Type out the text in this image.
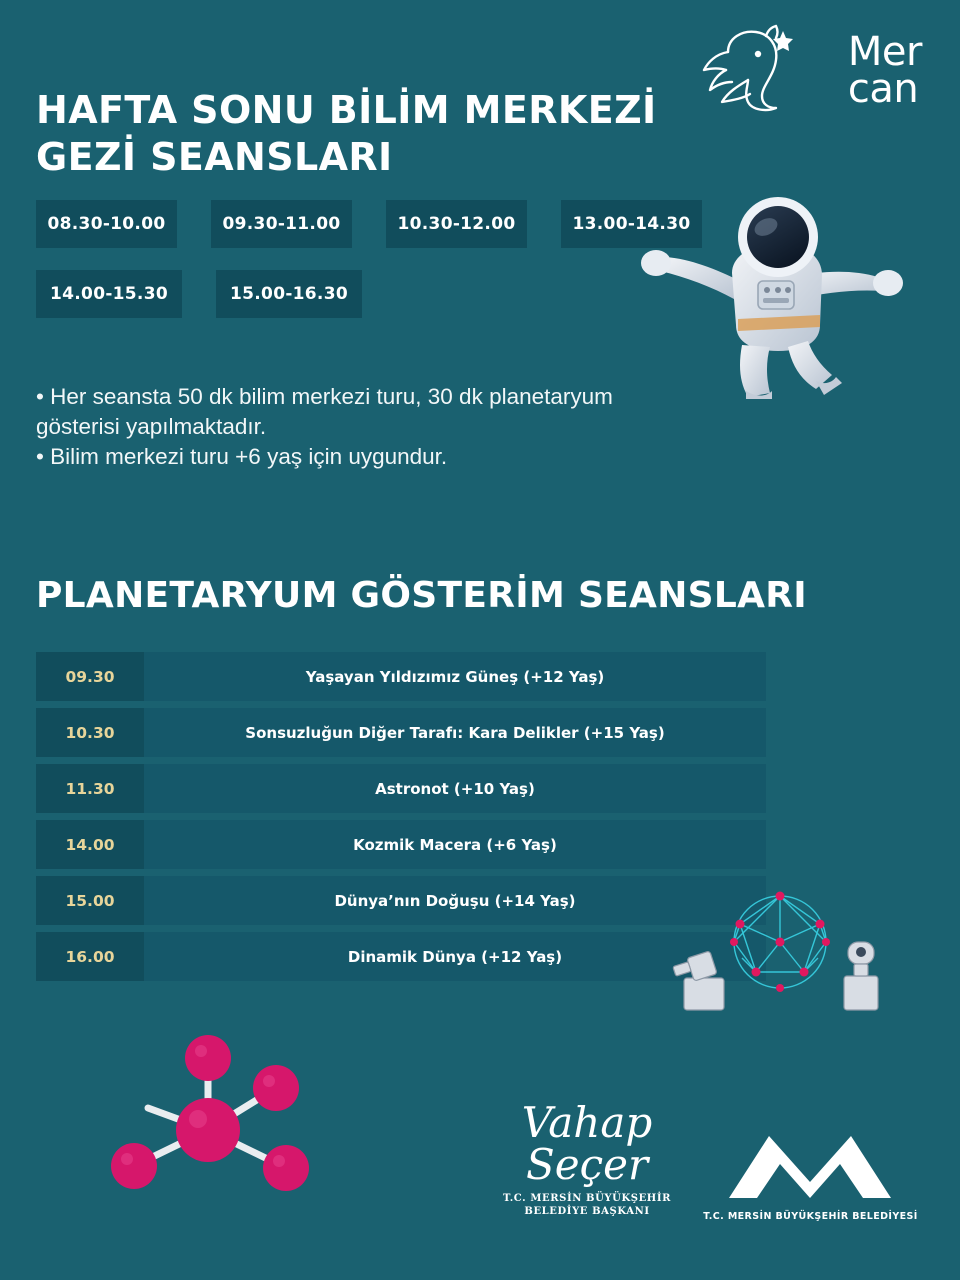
Mer
can
HAFTA SONU BİLİM MERKEZİ
GEZİ SEANSLARI
08.30-10.00	09.30-11.00	10.30-12.00	13.00-14.30
14.00-15.30	15.00-16.30

• Her seansta 50 dk bilim merkezi turu, 30 dk planetaryum

gösterisi yapılmaktadır.

• Bilim merkezi turu +6 yaş için uygundur.

PLANETARYUM GÖSTERİM SEANSLARI
09.30	Yaşayan Yıldızımız Güneş (+12 Yaş)
10.30	Sonsuzluğun Diğer Tarafı: Kara Delikler (+15 Yaş)
11.30	Astronot (+10 Yaş)
14.00	Kozmik Macera (+6 Yaş)
15.00	Dünya’nın Doğuşu (+14 Yaş)
16.00	Dinamik Dünya (+12 Yaş)
Vahap Seçer
T.C. MERSİN BÜYÜKŞEHİR
BELEDİYE BAŞKANI	T.C. MERSİN BÜYÜKŞEHİR BELEDİYESİ
